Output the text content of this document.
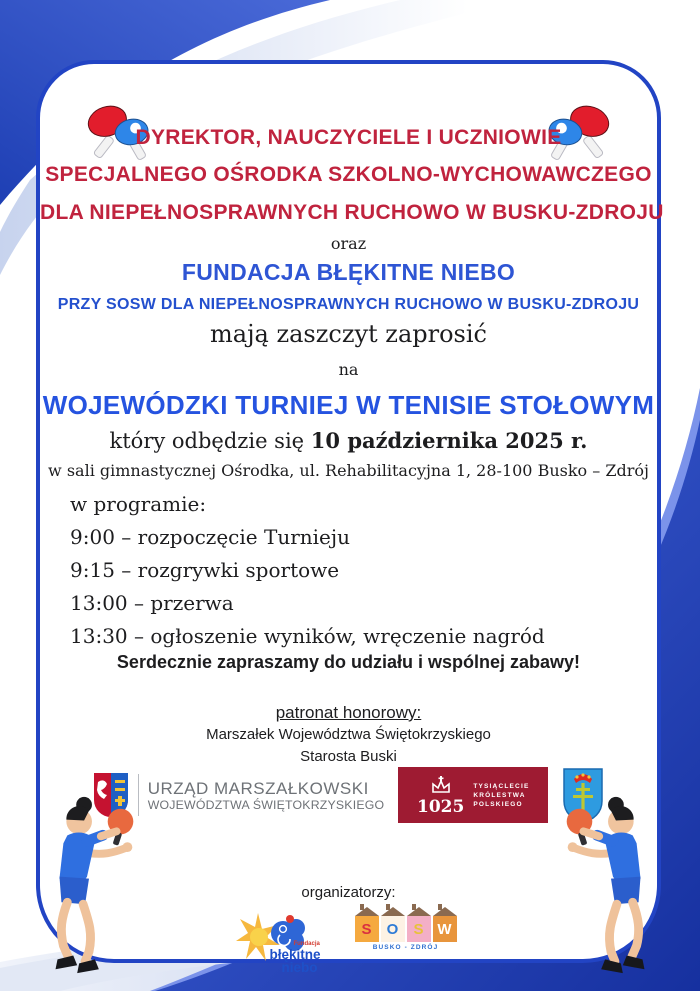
DYREKTOR, NAUCZYCIELE I UCZNIOWIE
SPECJALNEGO OŚRODKA SZKOLNO-WYCHOWAWCZEGO
DLA NIEPEŁNOSPRAWNYCH RUCHOWO W BUSKU-ZDROJU
oraz
FUNDACJA BŁĘKITNE NIEBO
PRZY SOSW DLA NIEPEŁNOSPRAWNYCH RUCHOWO W BUSKU-ZDROJU
mają zaszczyt zaprosić
na
WOJEWÓDZKI TURNIEJ W TENISIE STOŁOWYM
który odbędzie się 10 października 2025 r.
w sali gimnastycznej Ośrodka, ul. Rehabilitacyjna 1, 28-100 Busko – Zdrój
w programie:
9:00 – rozpoczęcie Turnieju
9:15 – rozgrywki sportowe
13:00 – przerwa
13:30 – ogłoszenie wyników, wręczenie nagród
Serdecznie zapraszamy do udziału i wspólnej zabawy!
patronat honorowy:
Marszałek Województwa Świętokrzyskiego
Starosta Buski
URZĄD MARSZAŁKOWSKI
WOJEWÓDZTWA ŚWIĘTOKRZYSKIEGO 1025
TYSIĄCLECIE
KRÓLESTWA
POLSKIEGO
organizatorzy:
Fundacja
błękitne
niebo
S	O	S W
BUSKO - ZDRÓJ
